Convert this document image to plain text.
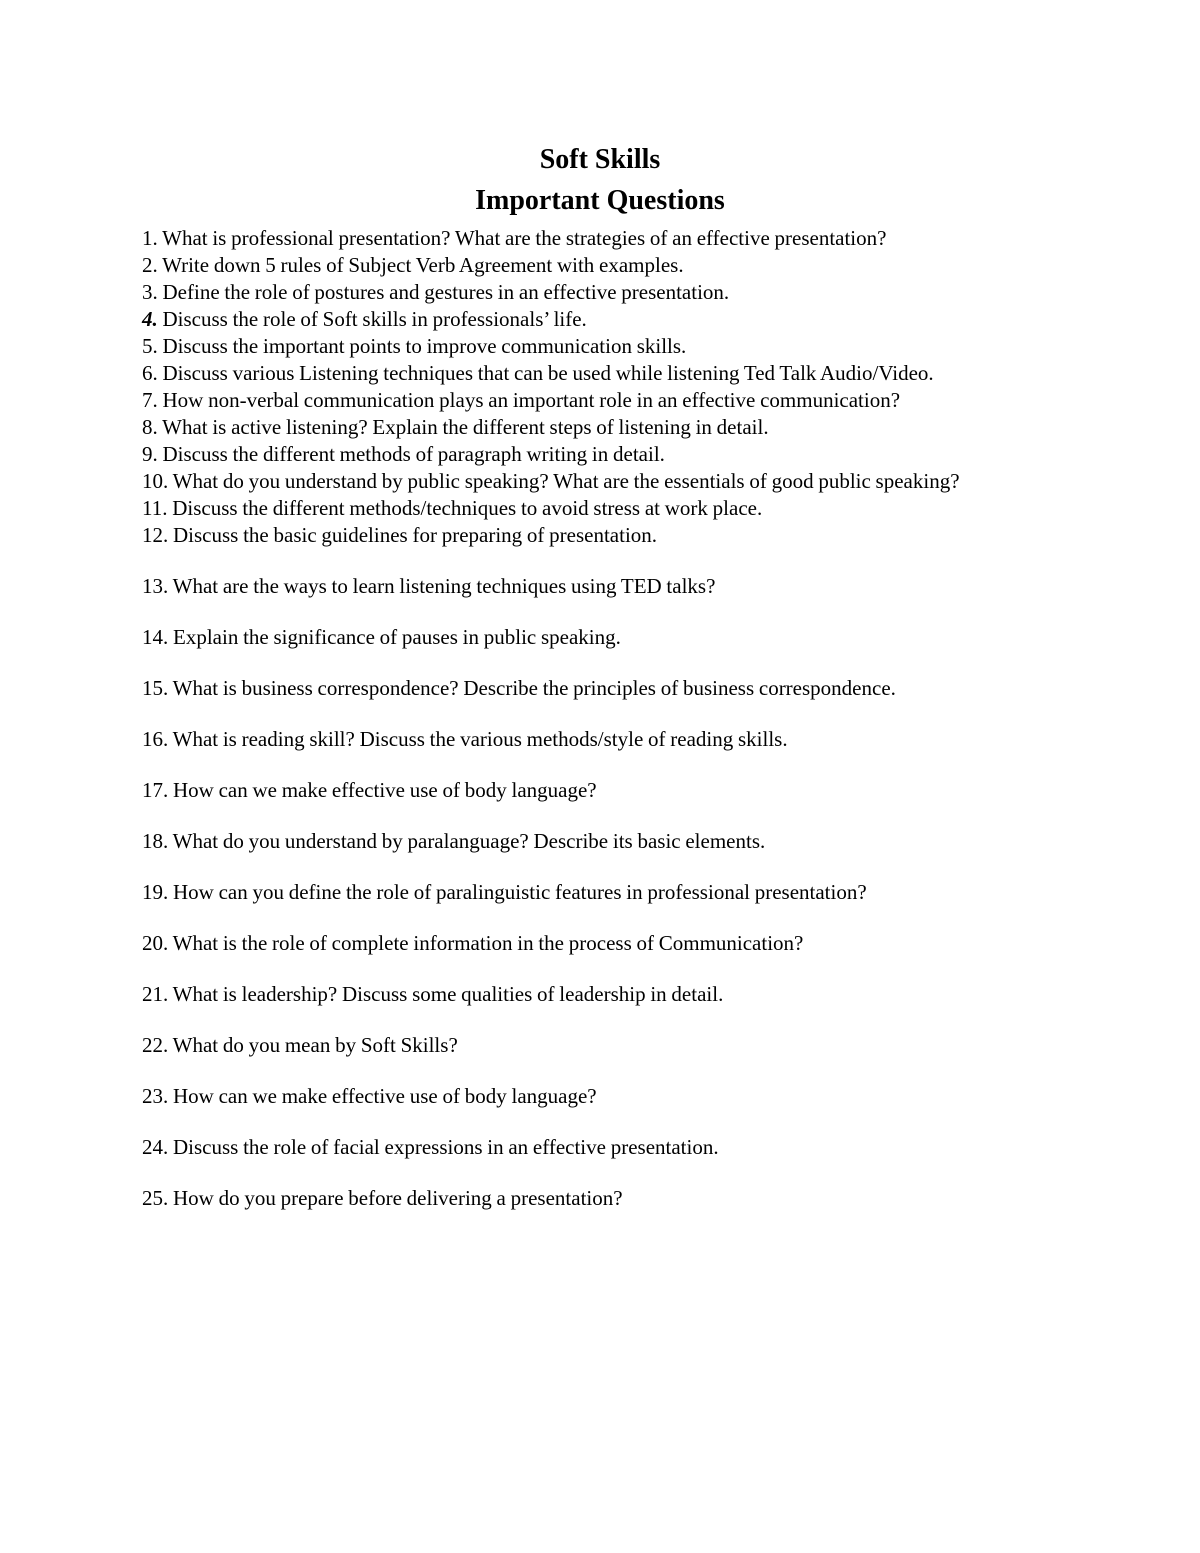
Soft Skills
Important Questions
1. What is professional presentation? What are the strategies of an effective presentation?
2. Write down 5 rules of Subject Verb Agreement with examples.
3. Define the role of postures and gestures in an effective presentation.
4. Discuss the role of Soft skills in professionals’ life.
5. Discuss the important points to improve communication skills.
6. Discuss various Listening techniques that can be used while listening Ted Talk Audio/Video.
7. How non-verbal communication plays an important role in an effective communication?
8. What is active listening? Explain the different steps of listening in detail.
9. Discuss the different methods of paragraph writing in detail.
10. What do you understand by public speaking? What are the essentials of good public speaking?
11. Discuss the different methods/techniques to avoid stress at work place.
12. Discuss the basic guidelines for preparing of presentation.
13. What are the ways to learn listening techniques using TED talks?
14. Explain the significance of pauses in public speaking.
15. What is business correspondence? Describe the principles of business correspondence.
16. What is reading skill? Discuss the various methods/style of reading skills.
17. How can we make effective use of body language?
18. What do you understand by paralanguage? Describe its basic elements.
19. How can you define the role of paralinguistic features in professional presentation?
20. What is the role of complete information in the process of Communication?
21. What is leadership? Discuss some qualities of leadership in detail.
22. What do you mean by Soft Skills?
23. How can we make effective use of body language?
24. Discuss the role of facial expressions in an effective presentation.
25. How do you prepare before delivering a presentation?
